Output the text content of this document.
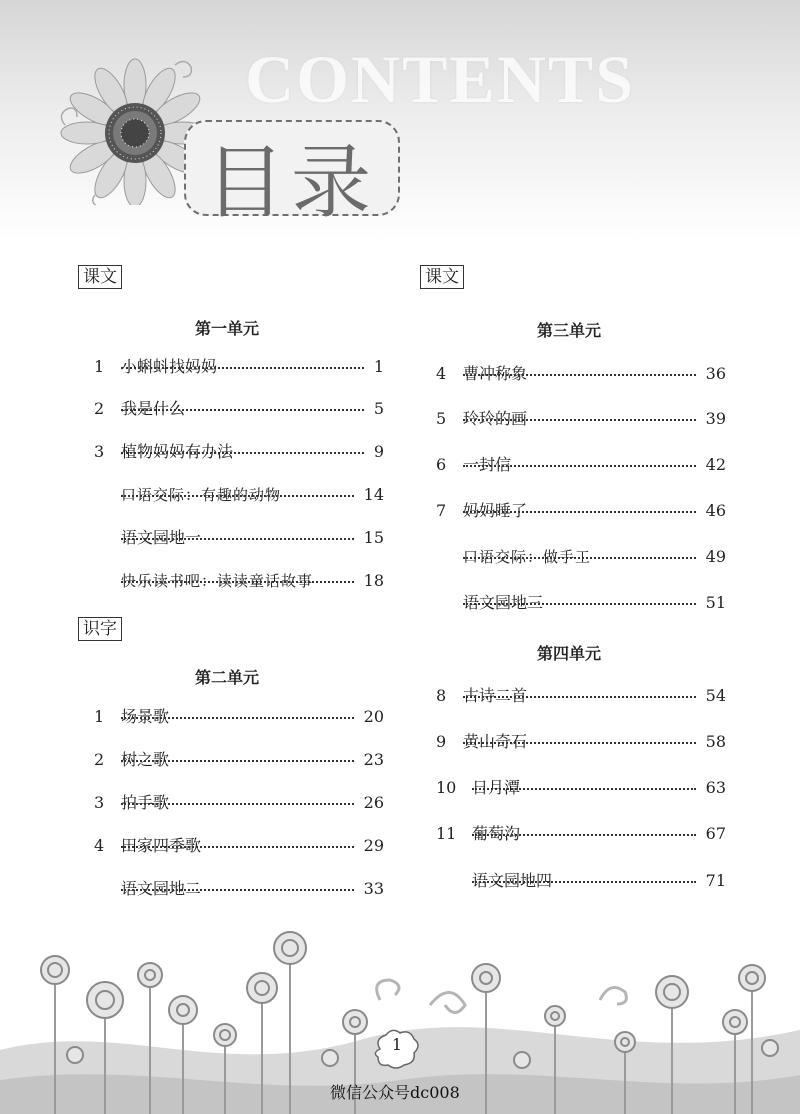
CONTENTS
目录
课文
第一单元
1 小蝌蚪找妈妈	1
2 我是什么	5
3 植物妈妈有办法	9
口语交际：有趣的动物	14
语文园地一	15
快乐读书吧：读读童话故事	18
识字
第二单元
1 场景歌	20
2 树之歌	23
3 拍手歌	26
4 田家四季歌	29
语文园地二	33
课文
第三单元
4 曹冲称象	36
5 玲玲的画	39
6 一封信	42
7 妈妈睡了	46
口语交际：做手工	49
语文园地三	51
第四单元
8 古诗二首	54
9 黄山奇石	58
10 日月潭	63
11 葡萄沟	67
语文园地四	71
1
微信公众号dc008
